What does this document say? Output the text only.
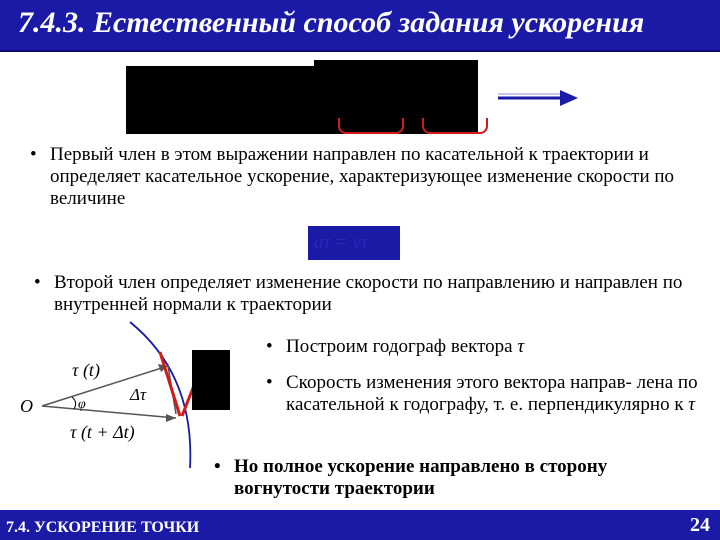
7.4.3. Естественный способ задания ускорения
• Первый член в этом выражении направлен по касательной к траектории и определяет касательное ускорение, характеризующее изменение скорости по величине
aτ = vτ
• Второй член определяет изменение скорости по направлению и направлен по внутренней нормали к траектории
O
τ (t)
Δτ
φ
τ (t + Δt)
• Построим годограф вектора τ
• Скорость изменения этого вектора направ- лена по касательной к годографу, т. е. перпендикулярно к τ
• Но полное ускорение направлено в сторону вогнутости траектории
7.4. УСКОРЕНИЕ ТОЧКИ	24
